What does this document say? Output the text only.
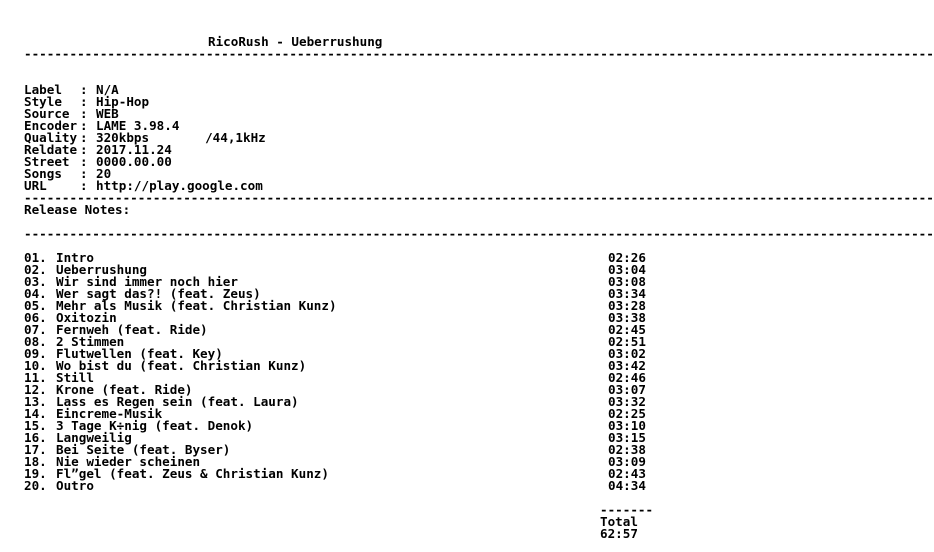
RicoRush - Ueberrushung
------------------------------------------------------------------------------------------------------------------------
Label	: N/A
Style	: Hip-Hop
Source : WEB
Encoder : LAME 3.98.4
Quality : 320kbps	/44,1kHz
Reldate : 2017.11.24
Street : 0000.00.00
Songs	: 20
URL	: http://play.google.com
------------------------------------------------------------------------------------------------------------------------
Release Notes:
------------------------------------------------------------------------------------------------------------------------
01. Intro	02:26
02. Ueberrushung	03:04
03. Wir sind immer noch hier	03:08
04. Wer sagt das?! (feat. Zeus)	03:34
05. Mehr als Musik (feat. Christian Kunz)	03:28
06. Oxitozin	03:38
07. Fernweh (feat. Ride)	02:45
08. 2 Stimmen	02:51
09. Flutwellen (feat. Key)	03:02
10. Wo bist du (feat. Christian Kunz)	03:42
11. Still	02:46
12. Krone (feat. Ride)	03:07
13. Lass es Regen sein (feat. Laura)	03:32
14. Eincreme-Musik	02:25
15. 3 Tage K÷nig (feat. Denok)	03:10
16. Langweilig	03:15
17. Bei Seite (feat. Byser)	02:38
18. Nie wieder scheinen	03:09
19. Fl”gel (feat. Zeus & Christian Kunz)	02:43
20. Outro	04:34
-------
Total
62:57
